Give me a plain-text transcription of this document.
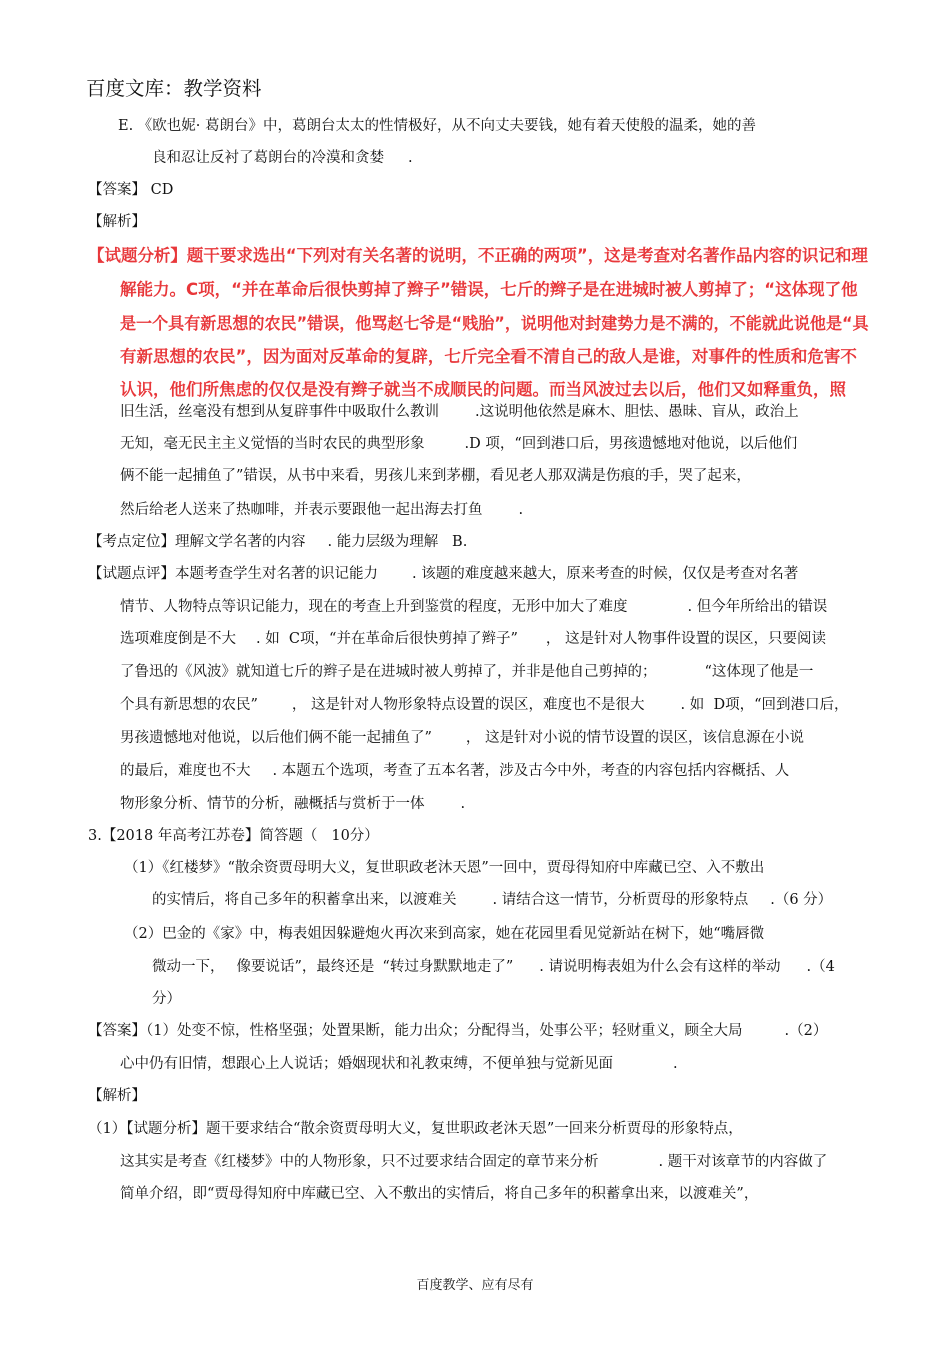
百度文库：教学资料
E. 《欧也妮· 葛朗台》中，葛朗台太太的性情极好，从不向丈夫要钱，她有着天使般的温柔，她的善
良和忍让反衬了葛朗台的冷漠和贪婪 .
【答案】 CD
【解析】
【试题分析】题干要求选出“下列对有关名著的说明，不正确的两项”，这是考查对名著作品内容的识记和理
解能力。C项，“并在革命后很快剪掉了辫子”错误，七斤的辫子是在进城时被人剪掉了；“这体现了他
是一个具有新思想的农民”错误，他骂赵七爷是“贱胎”，说明他对封建势力是不满的，不能就此说他是“具
有新思想的农民”，因为面对反革命的复辟，七斤完全看不清自己的敌人是谁，对事件的性质和危害不
认识，他们所焦虑的仅仅是没有辫子就当不成顺民的问题。而当风波过去以后，他们又如释重负，照
旧生活，丝毫没有想到从复辟事件中吸取什么教训 .这说明他依然是麻木、胆怯、愚昧、盲从，政治上
无知，毫无民主主义觉悟的当时农民的典型形象	.D 项，“回到港口后，男孩遗憾地对他说，以后他们
俩不能一起捕鱼了”错误，从书中来看，男孩儿来到茅棚，看见老人那双满是伤痕的手，哭了起来，
然后给老人送来了热咖啡，并表示要跟他一起出海去打鱼 .
【考点定位】理解文学名著的内容 . 能力层级为理解   B.
【试题点评】本题考查学生对名著的识记能力 . 该题的难度越来越大，原来考查的时候，仅仅是考查对名著
情节、人物特点等识记能力，现在的考查上升到鉴赏的程度，无形中加大了难度	. 但今年所给出的错误
选项难度倒是不大 . 如  C项，“并在革命后很快剪掉了辫子” ， 这是针对人物事件设置的误区，只要阅读
了鲁迅的《风波》就知道七斤的辫子是在进城时被人剪掉了，并非是他自己剪掉的；	“这体现了他是一
个具有新思想的农民” ， 这是针对人物形象特点设置的误区，难度也不是很大 . 如  D项，“回到港口后，
男孩遗憾地对他说，以后他们俩不能一起捕鱼了” ， 这是针对小说的情节设置的误区，该信息源在小说
的最后，难度也不大 . 本题五个选项，考查了五本名著，涉及古今中外，考查的内容包括内容概括、人
物形象分析、情节的分析，融概括与赏析于一体 .
3.【2018 年高考江苏卷】简答题（ 10分）
（1）《红楼梦》“散余资贾母明大义，复世职政老沐天恩”一回中，贾母得知府中库藏已空、入不敷出
的实情后，将自己多年的积蓄拿出来，以渡难关 . 请结合这一情节，分析贾母的形象特点 .（6 分）
（2）巴金的《家》中，梅表姐因躲避炮火再次来到高家，她在花园里看见觉新站在树下，她“嘴唇微
微动一下， 像要说话”，最终还是 “转过身默默地走了” . 请说明梅表姐为什么会有这样的举动 .（4
分）
【答案】（1）处变不惊，性格坚强；处置果断，能力出众；分配得当，处事公平；轻财重义，顾全大局	.（2）
心中仍有旧情，想跟心上人说话；婚姻现状和礼教束缚，不便单独与觉新见面	.
【解析】
（1）【试题分析】题干要求结合“散余资贾母明大义，复世职政老沐天恩”一回来分析贾母的形象特点，
这其实是考查《红楼梦》中的人物形象，只不过要求结合固定的章节来分析	. 题干对该章节的内容做了
简单介绍，即“贾母得知府中库藏已空、入不敷出的实情后，将自己多年的积蓄拿出来，以渡难关”，
百度教学、应有尽有
